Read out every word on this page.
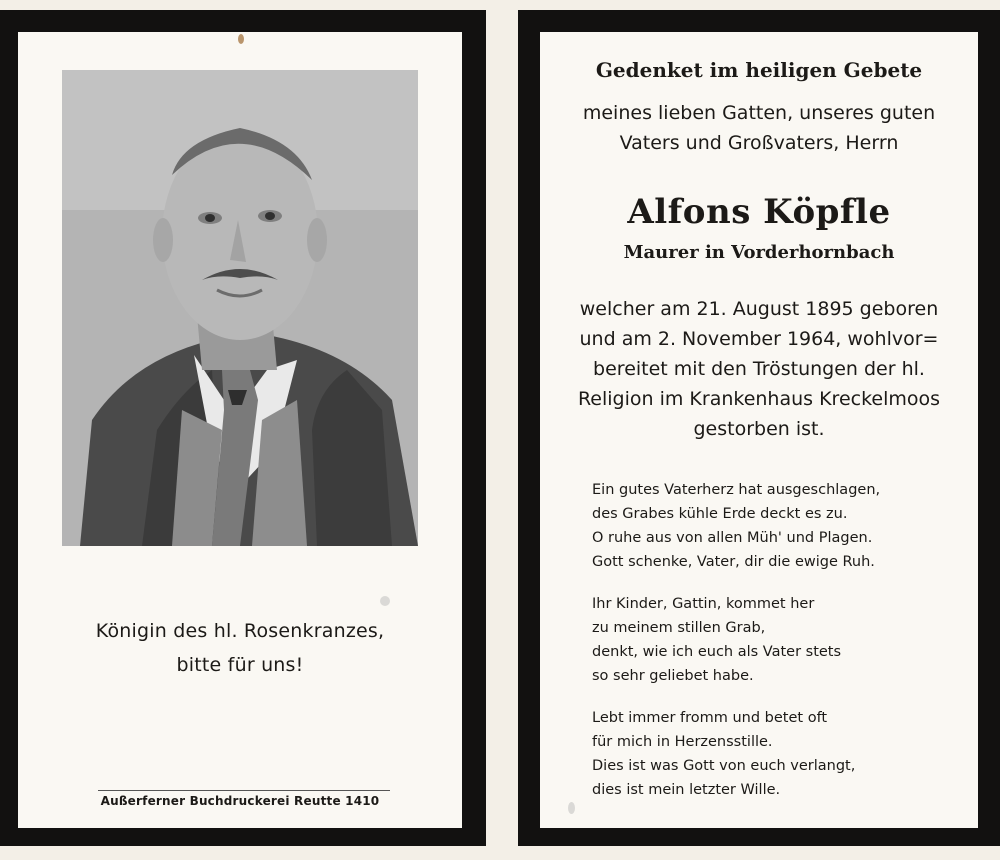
Königin des hl. Rosenkranzes,
bitte für uns!
Außerferner Buchdruckerei Reutte 1410
Gedenket im heiligen Gebete
meines lieben Gatten, unseres guten
Vaters und Großvaters, Herrn
Alfons Köpfle
Maurer in Vorderhornbach
welcher am 21. August 1895 geboren
und am 2. November 1964, wohlvor=
bereitet mit den Tröstungen der hl.
Religion im Krankenhaus Kreckelmoos
gestorben ist.
Ein gutes Vaterherz hat ausgeschlagen,
des Grabes kühle Erde deckt es zu.
O ruhe aus von allen Müh' und Plagen.
Gott schenke, Vater, dir die ewige Ruh.
Ihr Kinder, Gattin, kommet her
zu meinem stillen Grab,
denkt, wie ich euch als Vater stets
so sehr geliebet habe.
Lebt immer fromm und betet oft
für mich in Herzensstille.
Dies ist was Gott von euch verlangt,
dies ist mein letzter Wille.
